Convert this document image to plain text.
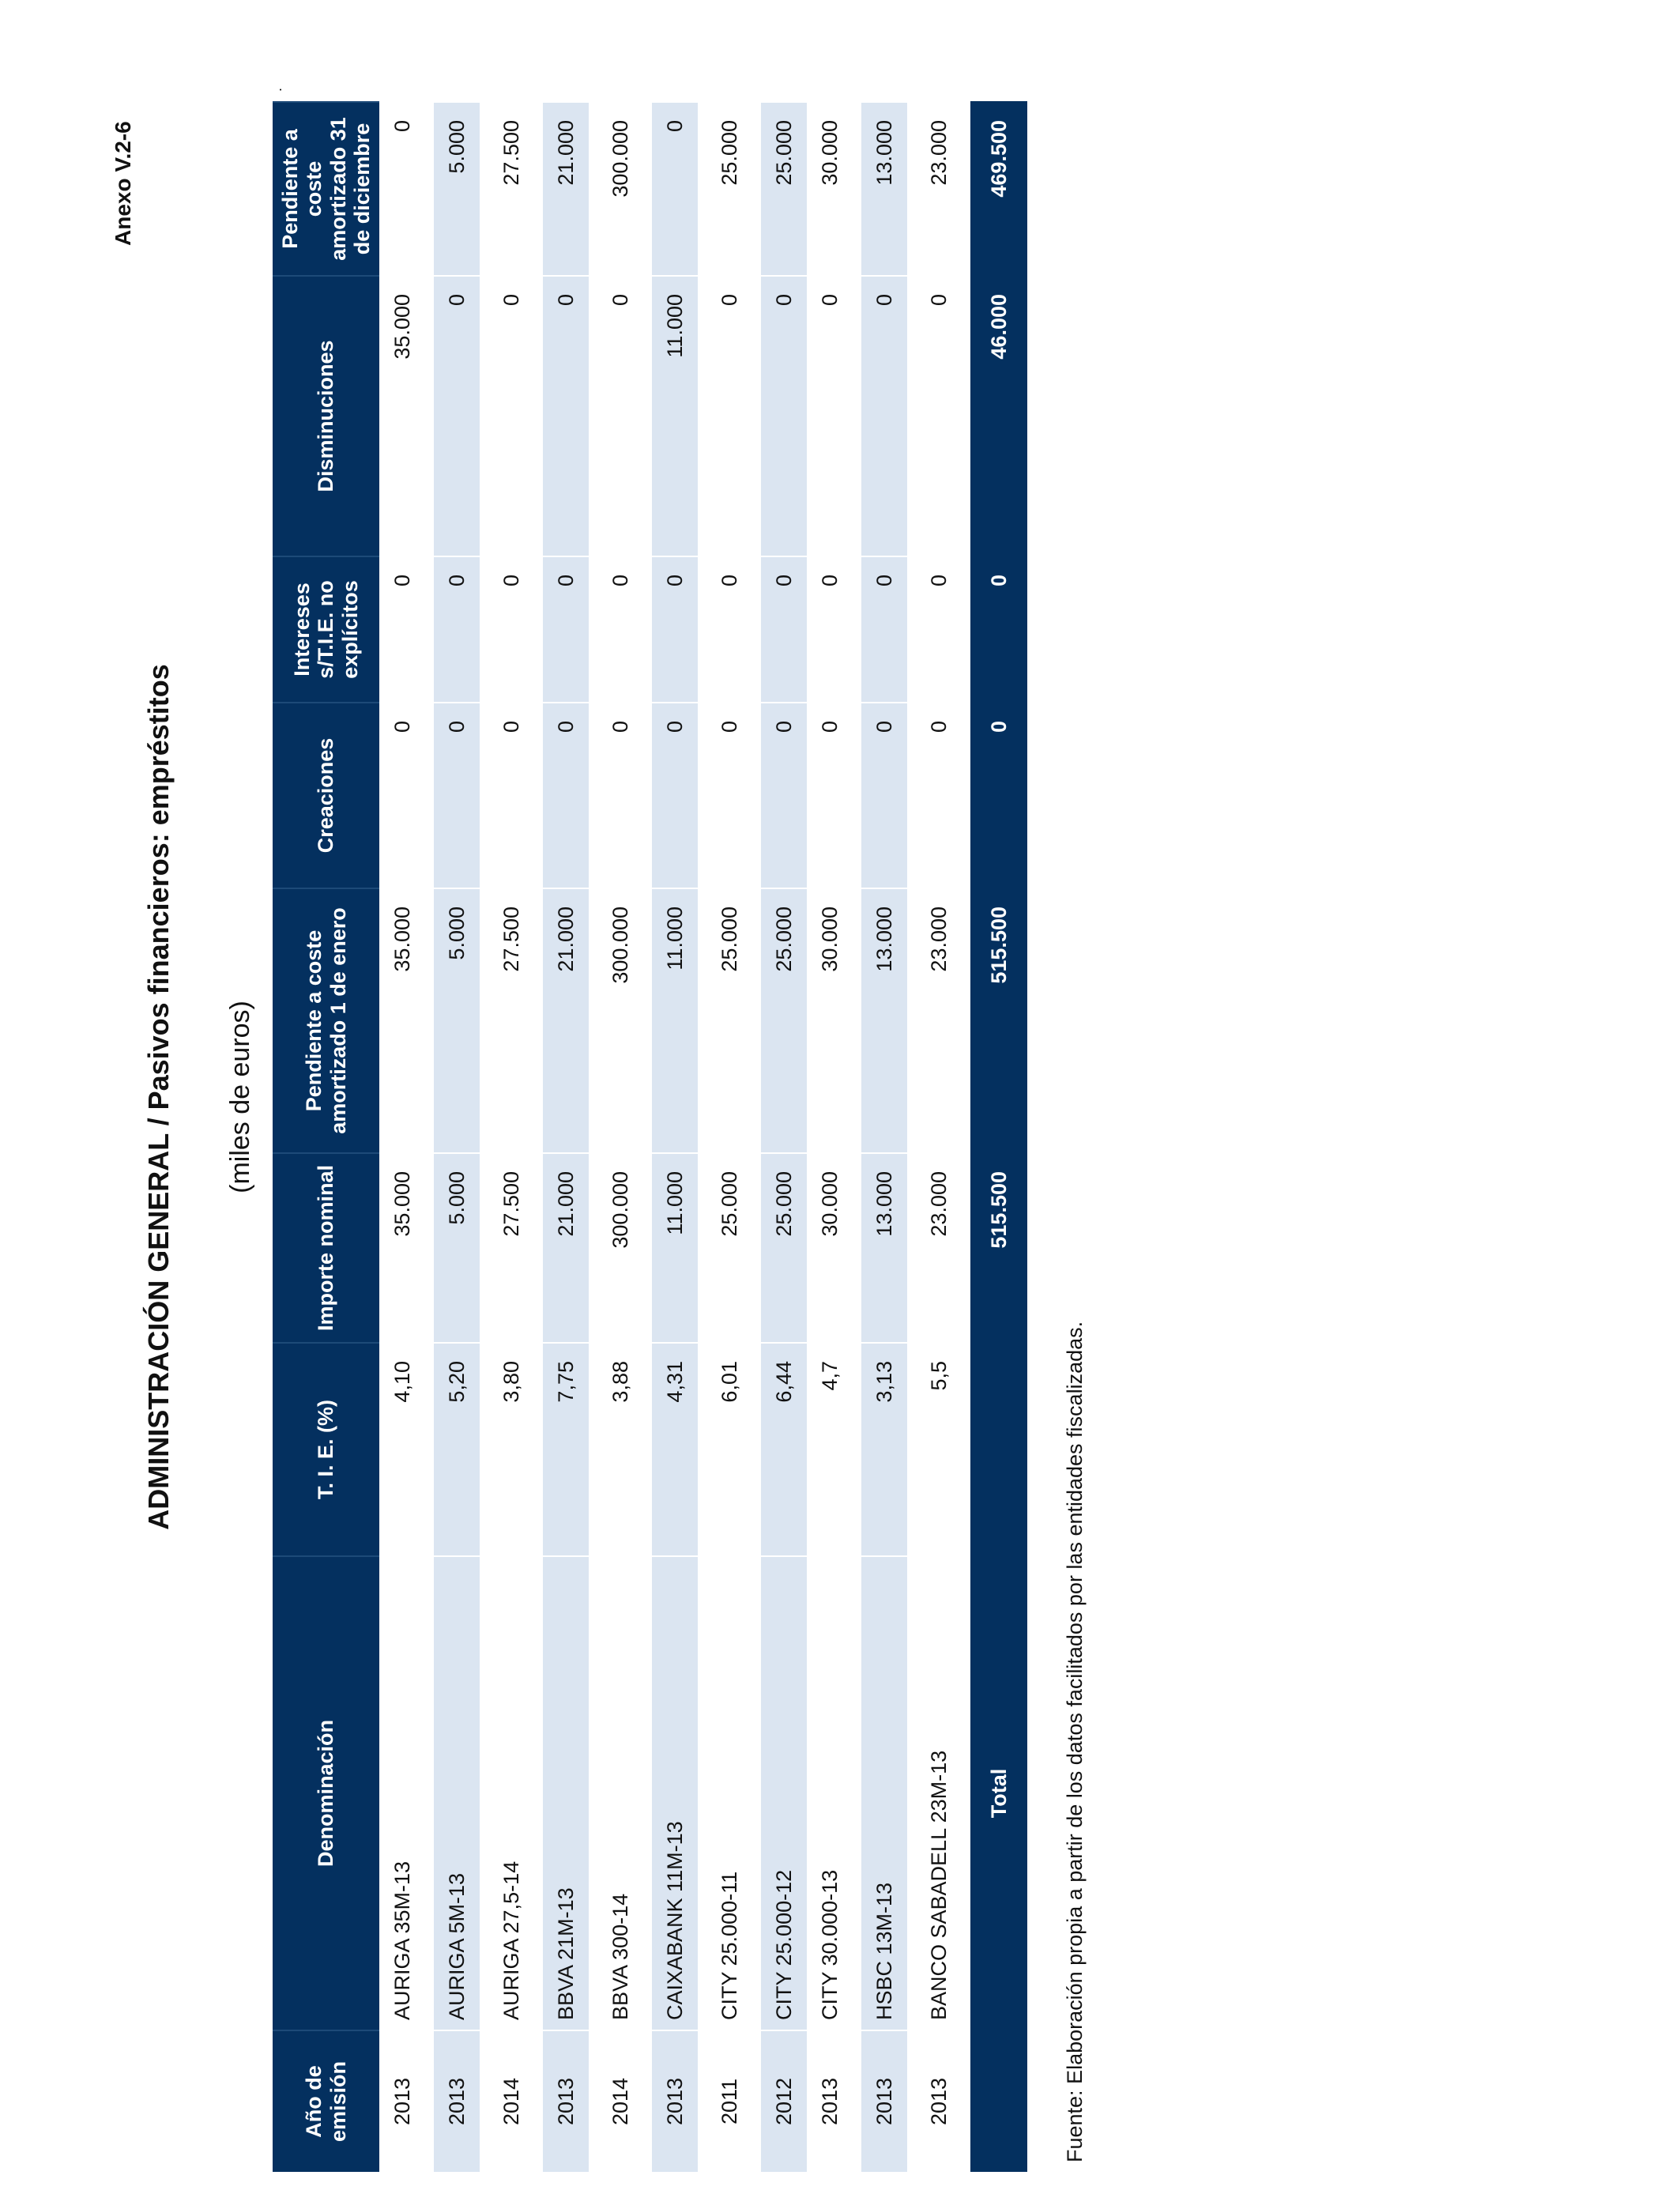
Anexo V.2-6
ADMINISTRACIÓN GENERAL / Pasivos financieros: empréstitos (miles de euros)
.
Año de emisión	Denominación	T. I. E. (%)	Importe nominal	Pendiente a coste amortizado 1 de enero	Creaciones	Intereses s/T.I.E. no explícitos	Disminuciones	Pendiente a coste amortizado 31 de diciembre
2013	AURIGA 35M-13	4,10	35.000	35.000	0	0	35.000	0

2013	AURIGA 5M-13	5,20	5.000	5.000	0	0	0	5.000

2014	AURIGA 27,5-14	3,80	27.500	27.500	0	0	0	27.500

2013	BBVA 21M-13	7,75	21.000	21.000	0	0	0	21.000

2014	BBVA 300-14	3,88	300.000	300.000	0	0	0	300.000

2013	CAIXABANK 11M-13	4,31	11.000	11.000	0	0	11.000	0

2011	CITY 25.000-11	6,01	25.000	25.000	0	0	0	25.000

2012	CITY 25.000-12	6,44	25.000	25.000	0	0	0	25.000
2013	CITY 30.000-13	4,7	30.000	30.000	0	0	0	30.000

2013	HSBC 13M-13	3,13	13.000	13.000	0	0	0	13.000

2013	BANCO SABADELL 23M-13	5,5	23.000	23.000	0	0	0	23.000

	Total		515.500	515.500	0	0	46.000	469.500
Fuente: Elaboración propia a partir de los datos facilitados por las entidades fiscalizadas.
